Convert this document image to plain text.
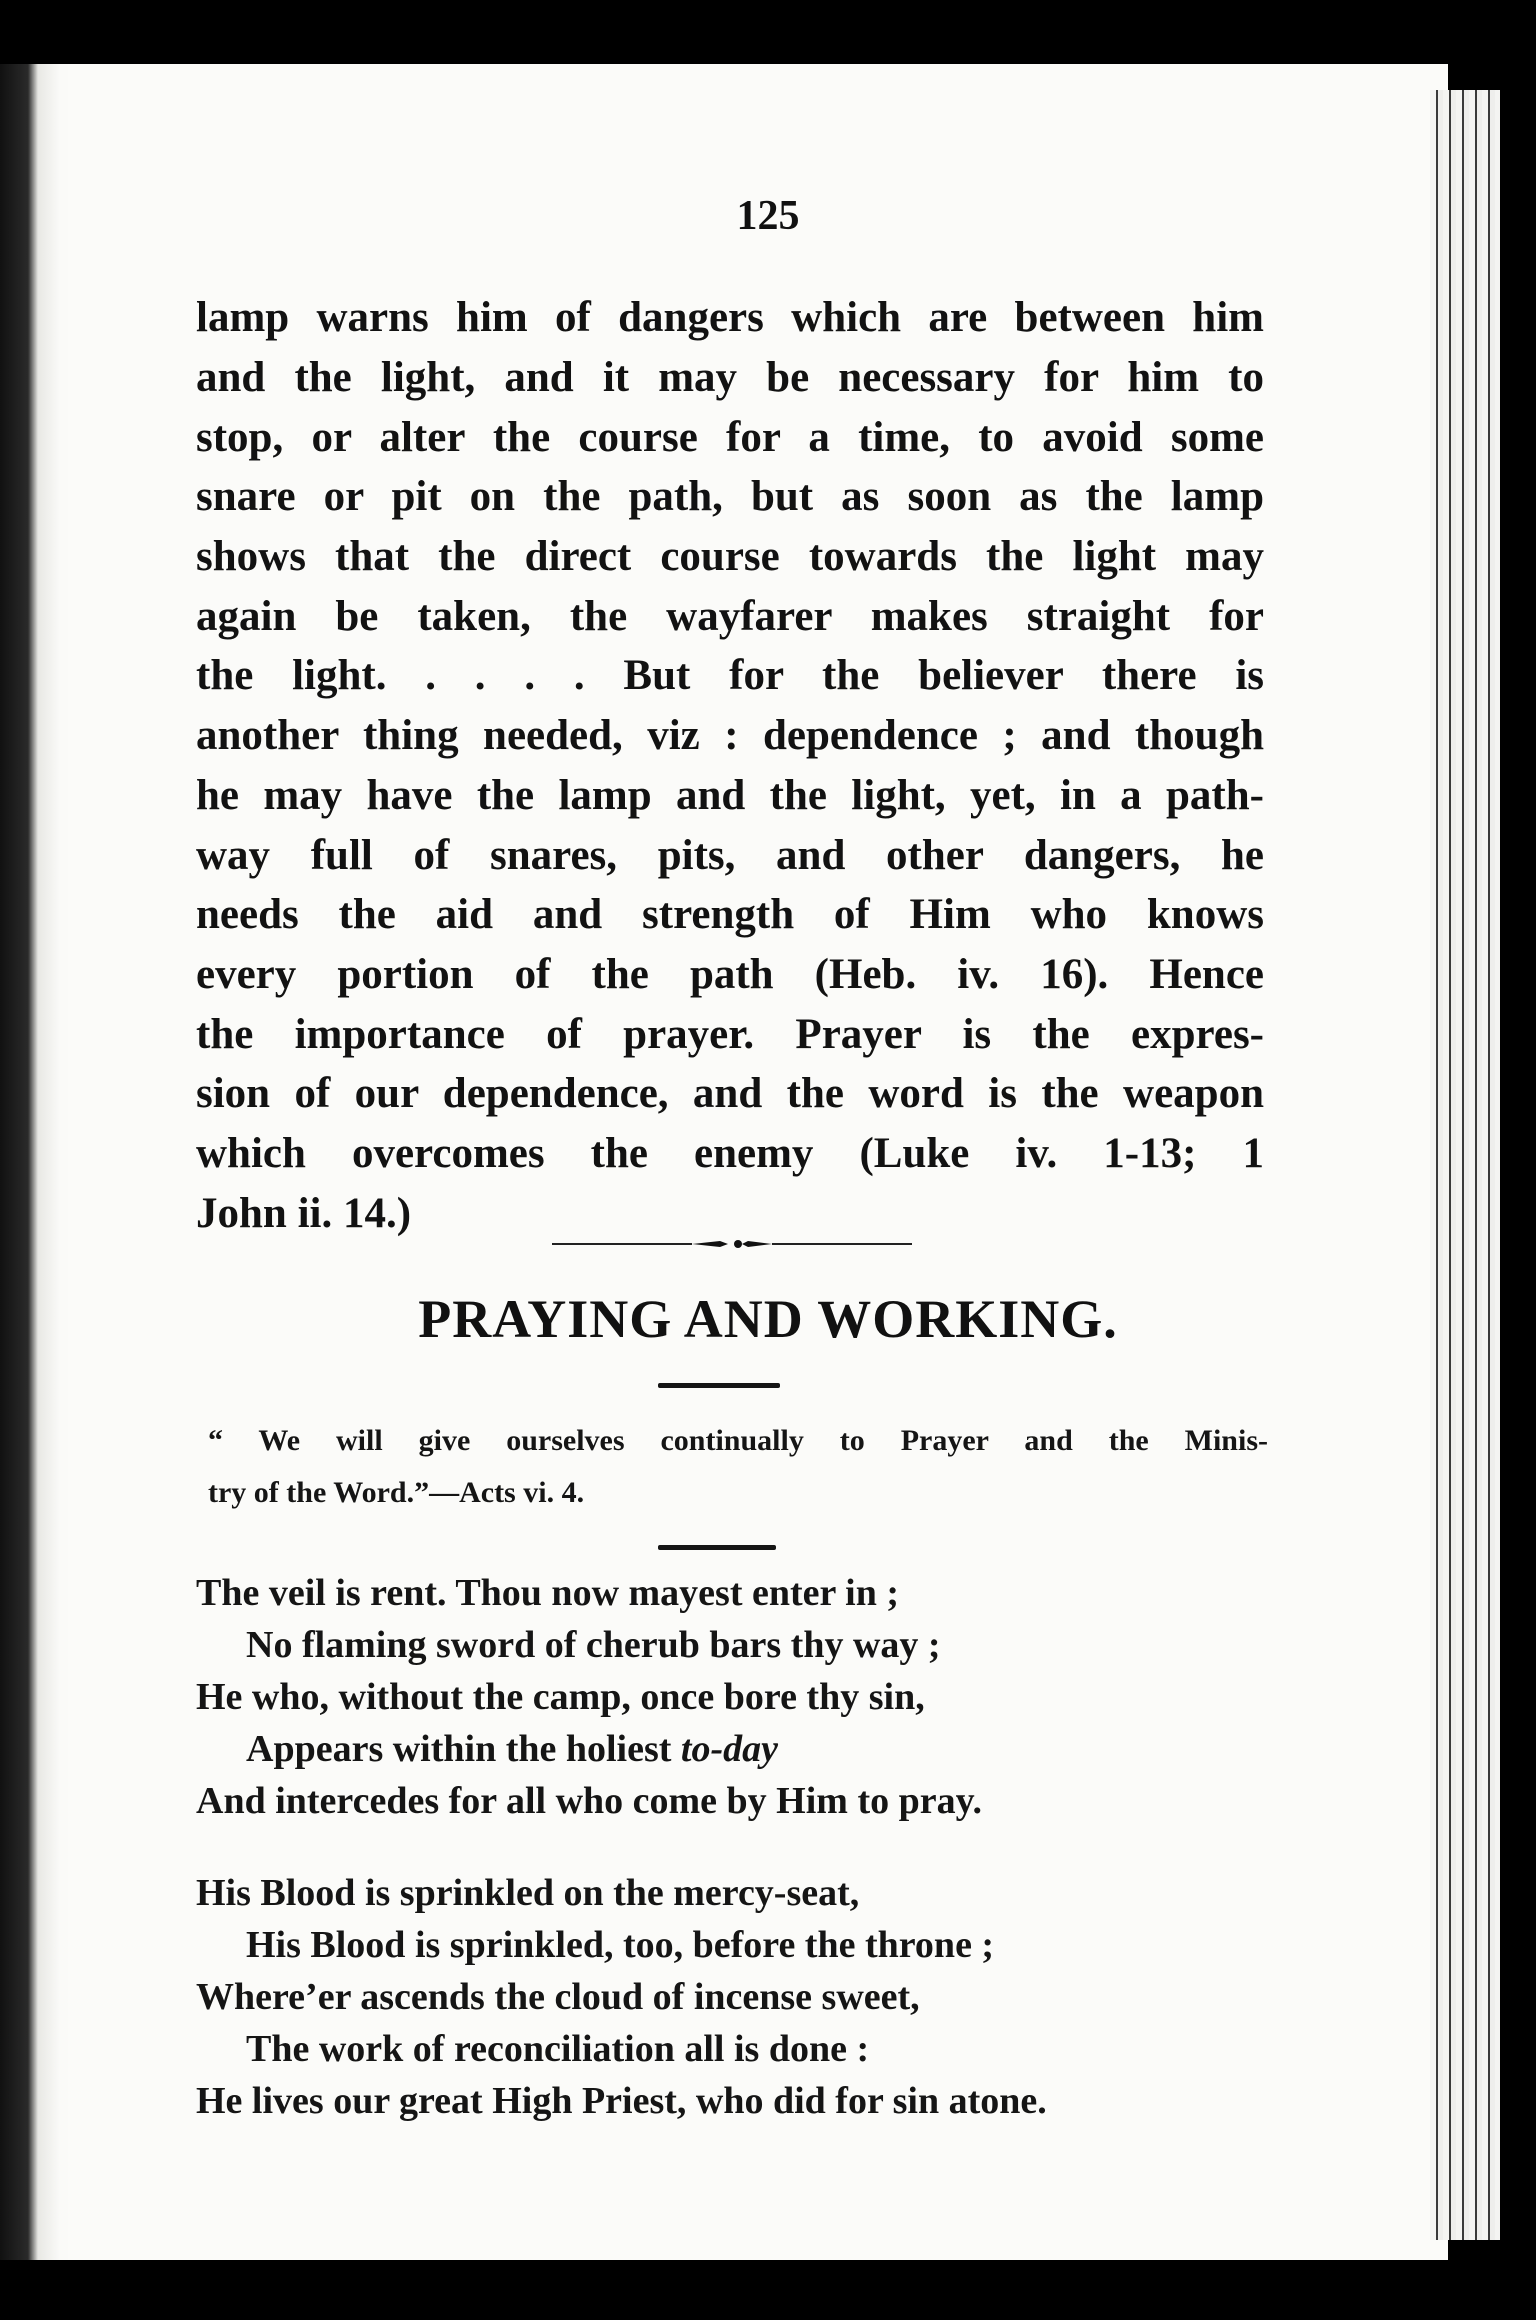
125

lamp warns him of dangers which are between him

and the light, and it may be necessary for him to

stop, or alter the course for a time, to avoid some

snare or pit on the path, but as soon as the lamp

shows that the direct course towards the light may

again be taken, the wayfarer makes straight for

the light. . . . . But for the believer there is

another thing needed, viz : dependence ; and though

he may have the lamp and the light, yet, in a path-

way full of snares, pits, and other dangers, he

needs the aid and strength of Him who knows

every portion of the path (Heb. iv. 16). Hence

the importance of prayer. Prayer is the expres-

sion of our dependence, and the word is the weapon

which overcomes the enemy (Luke iv. 1-13; 1

John ii. 14.)

PRAYING AND WORKING.

“ We will give ourselves continually to Prayer and the Minis-

try of the Word.”—Acts vi. 4.

The veil is rent. Thou now mayest enter in ;

No flaming sword of cherub bars thy way ;

He who, without the camp, once bore thy sin,

Appears within the holiest to-day

And intercedes for all who come by Him to pray.

His Blood is sprinkled on the mercy-seat,

His Blood is sprinkled, too, before the throne ;

Where’er ascends the cloud of incense sweet,

The work of reconciliation all is done :

He lives our great High Priest, who did for sin atone.
